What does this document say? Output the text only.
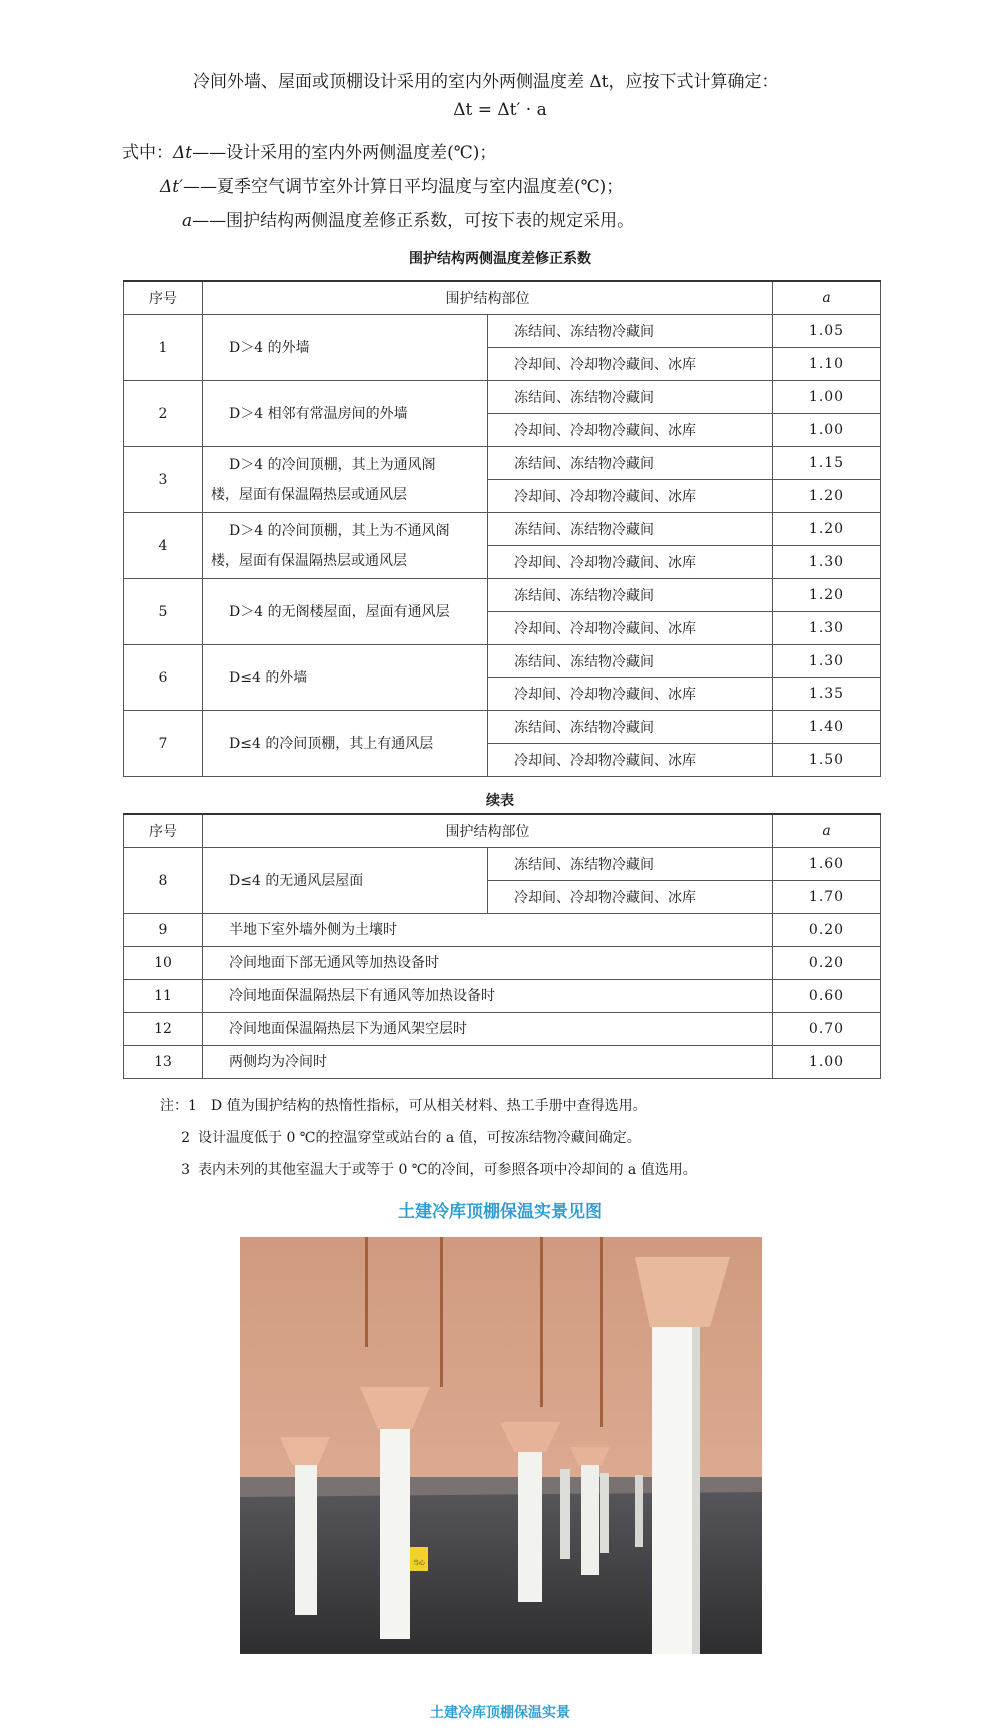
冷间外墙、屋面或顶棚设计采用的室内外两侧温度差 Δt，应按下式计算确定：
Δt = Δt′ · a
式中：Δt——设计采用的室内外两侧温度差(℃)；
Δt′——夏季空气调节室外计算日平均温度与室内温度差(℃)；
a——围护结构两侧温度差修正系数，可按下表的规定采用。
围护结构两侧温度差修正系数
序号	围护结构部位		a
1	D＞4 的外墙	冻结间、冻结物冷藏间	1.05
		冷却间、冷却物冷藏间、冰库	1.10
2	D＞4 相邻有常温房间的外墙	冻结间、冻结物冷藏间	1.00
		冷却间、冷却物冷藏间、冰库	1.00
3	D＞4 的冷间顶棚，其上为通风阁
楼，屋面有保温隔热层或通风层	冻结间、冻结物冷藏间	1.15
		冷却间、冷却物冷藏间、冰库	1.20
4	D＞4 的冷间顶棚，其上为不通风阁
楼，屋面有保温隔热层或通风层	冻结间、冻结物冷藏间	1.20
		冷却间、冷却物冷藏间、冰库	1.30
5	D＞4 的无阁楼屋面，屋面有通风层	冻结间、冻结物冷藏间	1.20
		冷却间、冷却物冷藏间、冰库	1.30
6	D≤4 的外墙	冻结间、冻结物冷藏间	1.30
		冷却间、冷却物冷藏间、冰库	1.35
7	D≤4 的冷间顶棚，其上有通风层	冻结间、冻结物冷藏间	1.40
		冷却间、冷却物冷藏间、冰库	1.50
续表
序号	围护结构部位		a
8	D≤4 的无通风层屋面	冻结间、冻结物冷藏间	1.60
		冷却间、冷却物冷藏间、冰库	1.70
9	半地下室外墙外侧为土壤时		0.20
10	冷间地面下部无通风等加热设备时		0.20
11	冷间地面保温隔热层下有通风等加热设备时		0.60
12	冷间地面保温隔热层下为通风架空层时		0.70
13	两侧均为冷间时		1.00
注：1 D 值为围护结构的热惰性指标，可从相关材料、热工手册中查得选用。
2 设计温度低于 0 ℃的控温穿堂或站台的 a 值，可按冻结物冷藏间确定。
3 表内未列的其他室温大于或等于 0 ℃的冷间，可参照各项中冷却间的 a 值选用。
土建冷库顶棚保温实景见图
当心
土建冷库顶棚保温实景
